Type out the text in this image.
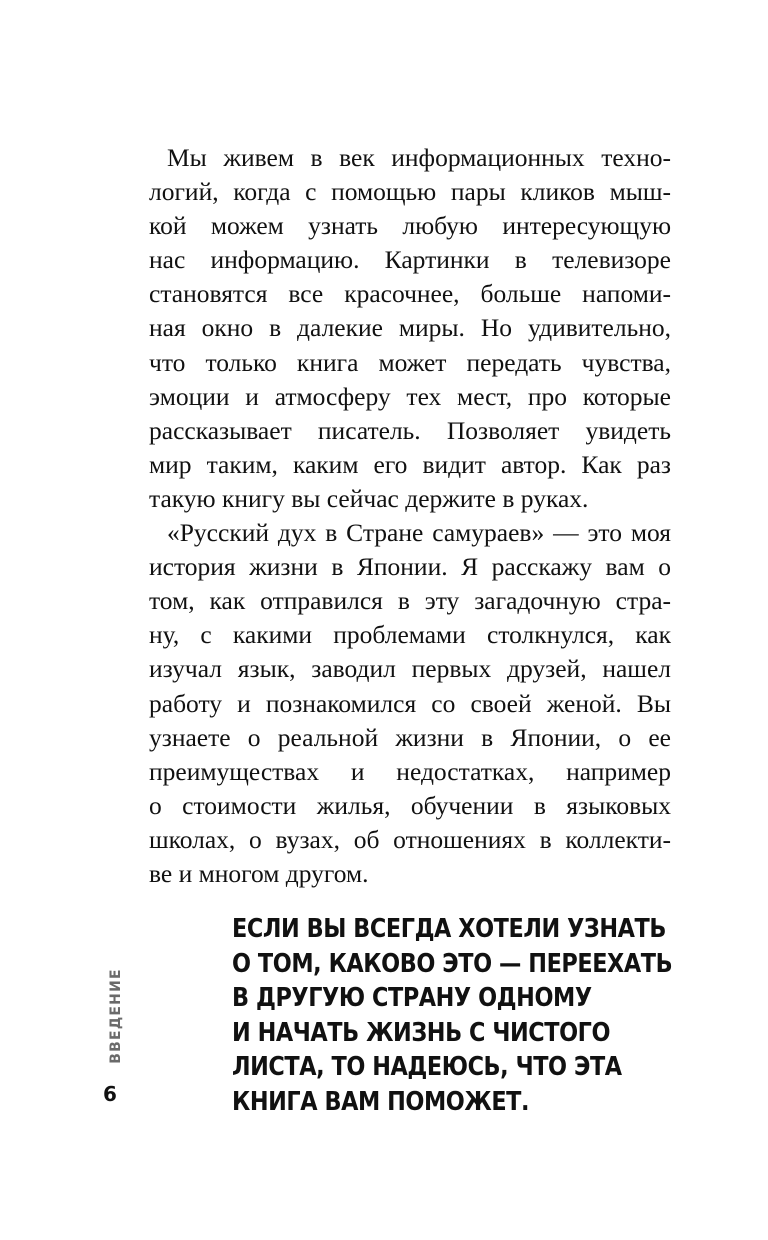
Мы живем в век информационных техно-
логий, когда с помощью пары кликов мыш-
кой можем узнать любую интересующую
нас информацию. Картинки в телевизоре
становятся все красочнее, больше напоми-
ная окно в далекие миры. Но удивительно,
что только книга может передать чувства,
эмоции и атмосферу тех мест, про которые
рассказывает писатель. Позволяет увидеть
мир таким, каким его видит автор. Как раз
такую книгу вы сейчас держите в руках.
«Русский дух в Стране самураев» — это моя
история жизни в Японии. Я расскажу вам о
том, как отправился в эту загадочную стра-
ну, с какими проблемами столкнулся, как
изучал язык, заводил первых друзей, нашел
работу и познакомился со своей женой. Вы
узнаете о реальной жизни в Японии, о ее
преимуществах и недостатках, например
о стоимости жилья, обучении в языковых
школах, о вузах, об отношениях в коллекти-
ве и многом другом.
ЕСЛИ ВЫ ВСЕГДА ХОТЕЛИ УЗНАТЬ
О ТОМ, КАКОВО ЭТО — ПЕРЕЕХАТЬ
В ДРУГУЮ СТРАНУ ОДНОМУ
И НАЧАТЬ ЖИЗНЬ С ЧИСТОГО
ЛИСТА, ТО НАДЕЮСЬ, ЧТО ЭТА
КНИГА ВАМ ПОМОЖЕТ.
ВВЕДЕНИЕ
6
